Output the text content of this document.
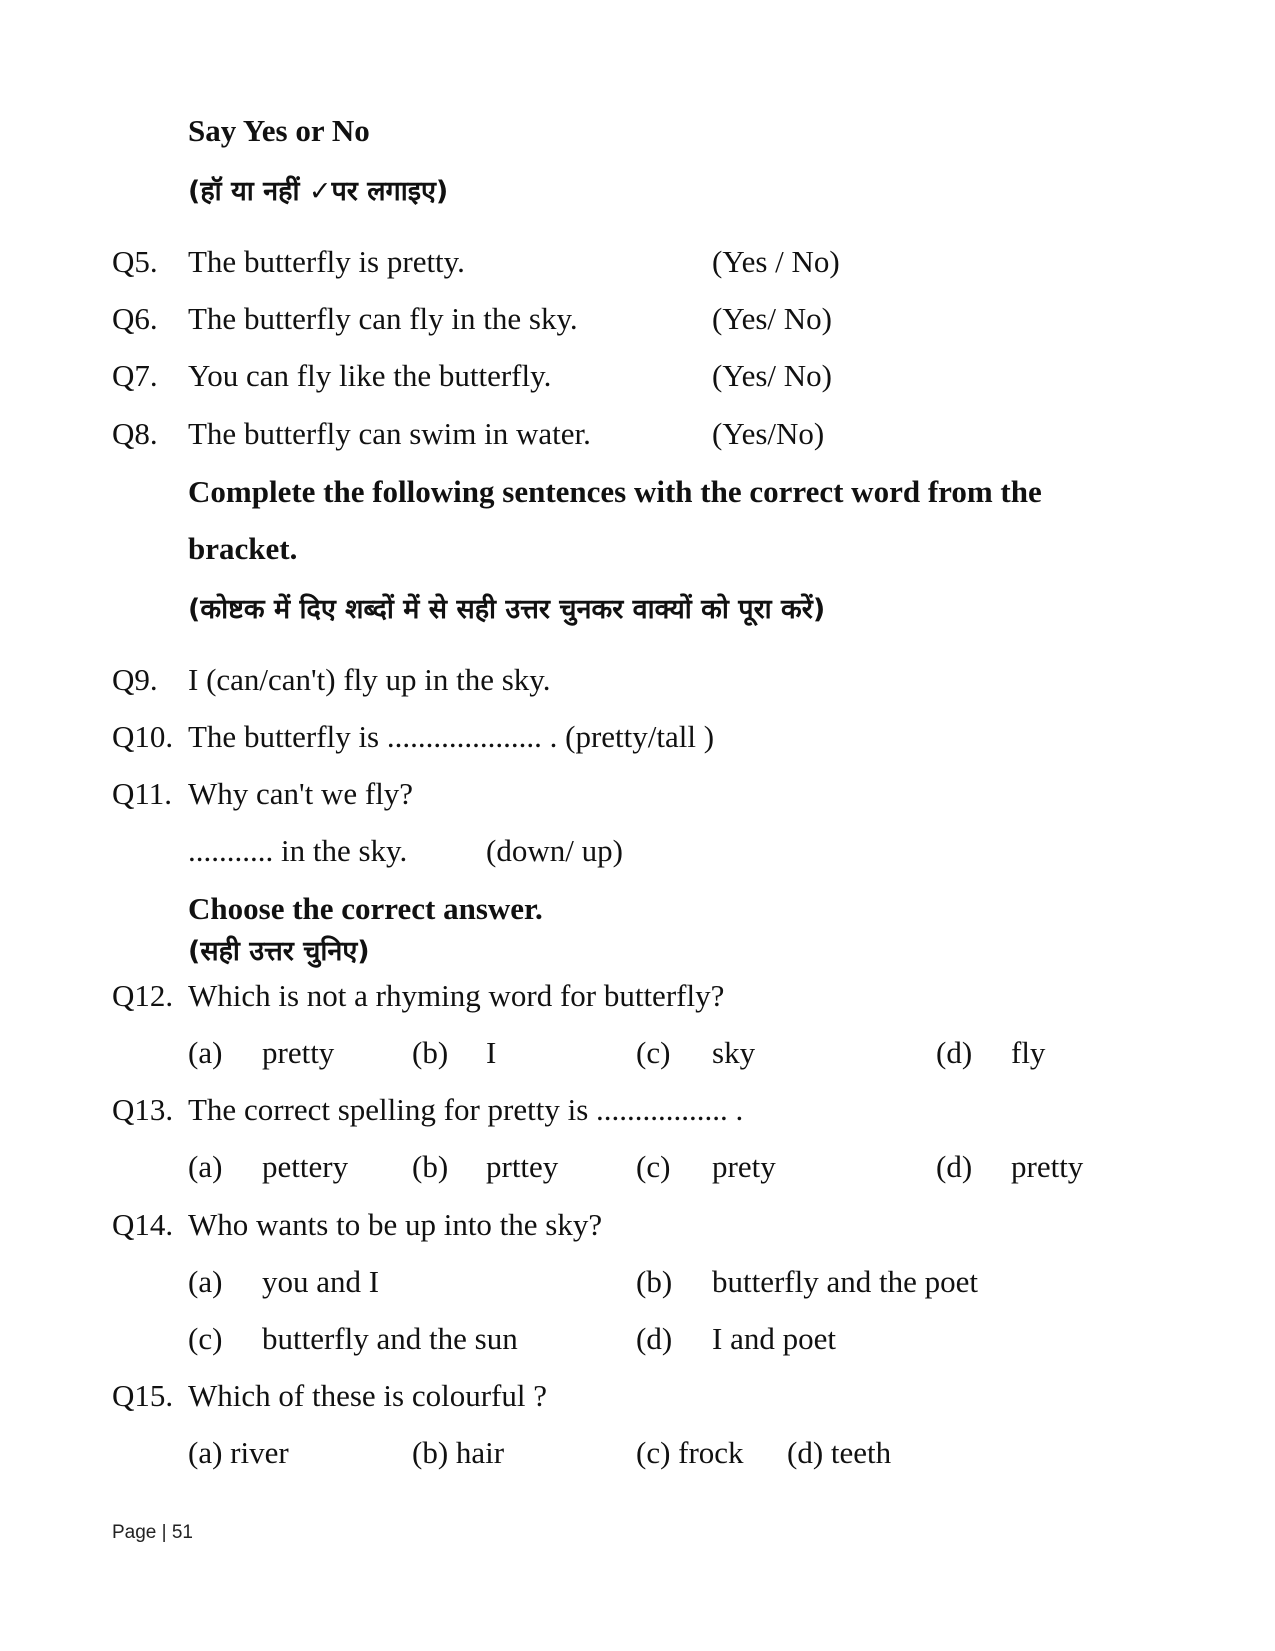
Say Yes or No
(हॉ या नहीं ✓पर लगाइए)
Q5. The butterfly is pretty.	(Yes / No)
Q6. The butterfly can fly in the sky.	(Yes/ No)
Q7. You can fly like the butterfly.	(Yes/ No)
Q8. The butterfly can swim in water.	(Yes/No)
Complete the following sentences with the correct word from the
bracket.
(कोष्टक में दिए शब्दों में से सही उत्तर चुनकर वाक्यों को पूरा करें)
Q9. I (can/can't) fly up in the sky.
Q10. The butterfly is .................... . (pretty/tall )
Q11. Why can't we fly?
........... in the sky.	(down/ up)
Choose the correct answer.
(सही उत्तर चुनिए)
Q12. Which is not a rhyming word for butterfly?
(a) pretty	(b) I	(c) sky	(d) fly
Q13. The correct spelling for pretty is ................. .
(a) pettery (b) prttey	(c) prety	(d) pretty
Q14. Who wants to be up into the sky?
(a) you and I	(b) butterfly and the poet
(c) butterfly and the sun	(d) I and poet
Q15. Which of these is colourful ?
(a) river	(b) hair	(c) frock (d) teeth
Page | 51
